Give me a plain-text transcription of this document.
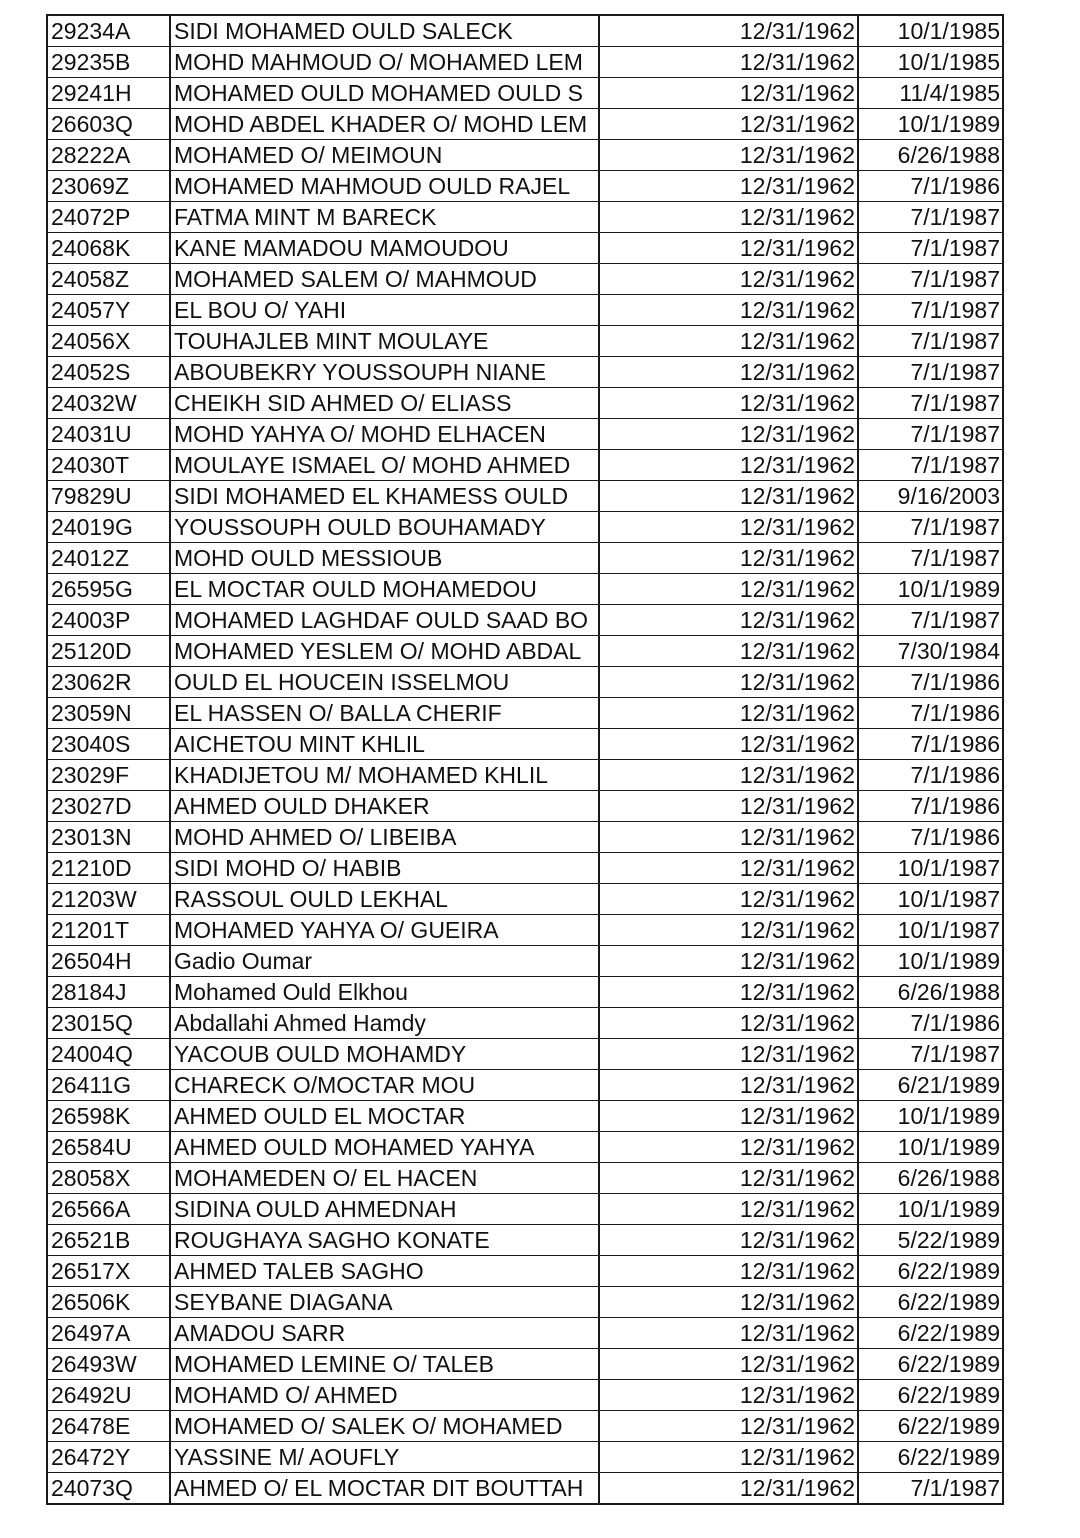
29234A	SIDI MOHAMED OULD SALECK	12/31/1962	10/1/1985
29235B	MOHD MAHMOUD O/ MOHAMED LEM	12/31/1962	10/1/1985
29241H	MOHAMED OULD MOHAMED OULD S	12/31/1962	11/4/1985
26603Q	MOHD ABDEL KHADER O/ MOHD LEM	12/31/1962	10/1/1989
28222A	MOHAMED O/ MEIMOUN	12/31/1962	6/26/1988
23069Z	MOHAMED MAHMOUD OULD RAJEL	12/31/1962	7/1/1986
24072P	FATMA MINT M BARECK	12/31/1962	7/1/1987
24068K	KANE MAMADOU MAMOUDOU	12/31/1962	7/1/1987
24058Z	MOHAMED SALEM O/ MAHMOUD	12/31/1962	7/1/1987
24057Y	EL BOU O/ YAHI	12/31/1962	7/1/1987
24056X	TOUHAJLEB MINT MOULAYE	12/31/1962	7/1/1987
24052S	ABOUBEKRY YOUSSOUPH NIANE	12/31/1962	7/1/1987
24032W	CHEIKH SID AHMED O/ ELIASS	12/31/1962	7/1/1987
24031U	MOHD YAHYA O/ MOHD ELHACEN	12/31/1962	7/1/1987
24030T	MOULAYE ISMAEL O/ MOHD AHMED	12/31/1962	7/1/1987
79829U	SIDI MOHAMED EL KHAMESS OULD	12/31/1962	9/16/2003
24019G	YOUSSOUPH OULD BOUHAMADY	12/31/1962	7/1/1987
24012Z	MOHD OULD MESSIOUB	12/31/1962	7/1/1987
26595G	EL MOCTAR OULD MOHAMEDOU	12/31/1962	10/1/1989
24003P	MOHAMED LAGHDAF OULD SAAD BO	12/31/1962	7/1/1987
25120D	MOHAMED YESLEM O/ MOHD ABDAL	12/31/1962	7/30/1984
23062R	OULD EL HOUCEIN ISSELMOU	12/31/1962	7/1/1986
23059N	EL HASSEN O/ BALLA CHERIF	12/31/1962	7/1/1986
23040S	AICHETOU MINT KHLIL	12/31/1962	7/1/1986
23029F	KHADIJETOU M/ MOHAMED KHLIL	12/31/1962	7/1/1986
23027D	AHMED OULD DHAKER	12/31/1962	7/1/1986
23013N	MOHD AHMED O/ LIBEIBA	12/31/1962	7/1/1986
21210D	SIDI MOHD O/ HABIB	12/31/1962	10/1/1987
21203W	RASSOUL OULD LEKHAL	12/31/1962	10/1/1987
21201T	MOHAMED YAHYA O/ GUEIRA	12/31/1962	10/1/1987
26504H	Gadio Oumar	12/31/1962	10/1/1989
28184J	Mohamed Ould Elkhou	12/31/1962	6/26/1988
23015Q	Abdallahi Ahmed Hamdy	12/31/1962	7/1/1986
24004Q	YACOUB OULD MOHAMDY	12/31/1962	7/1/1987
26411G	CHARECK O/MOCTAR MOU	12/31/1962	6/21/1989
26598K	AHMED OULD EL MOCTAR	12/31/1962	10/1/1989
26584U	AHMED OULD MOHAMED YAHYA	12/31/1962	10/1/1989
28058X	MOHAMEDEN O/ EL HACEN	12/31/1962	6/26/1988
26566A	SIDINA OULD AHMEDNAH	12/31/1962	10/1/1989
26521B	ROUGHAYA SAGHO KONATE	12/31/1962	5/22/1989
26517X	AHMED TALEB SAGHO	12/31/1962	6/22/1989
26506K	SEYBANE DIAGANA	12/31/1962	6/22/1989
26497A	AMADOU SARR	12/31/1962	6/22/1989
26493W	MOHAMED LEMINE O/ TALEB	12/31/1962	6/22/1989
26492U	MOHAMD O/ AHMED	12/31/1962	6/22/1989
26478E	MOHAMED O/ SALEK O/ MOHAMED	12/31/1962	6/22/1989
26472Y	YASSINE M/ AOUFLY	12/31/1962	6/22/1989
24073Q	AHMED O/ EL MOCTAR DIT BOUTTAH	12/31/1962	7/1/1987
